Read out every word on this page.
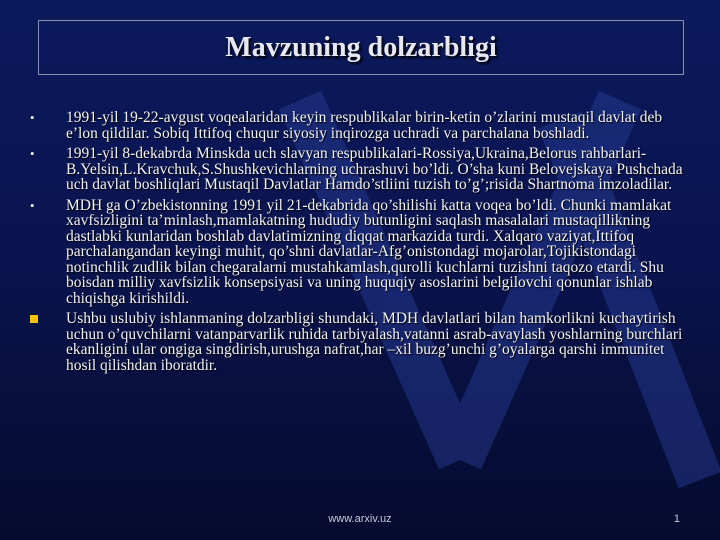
Mavzuning dolzarbligi
•	1991-yil 19-22-avgust voqealaridan keyin respublikalar birin-ketin o’zlarini mustaqil davlat deb e’lon qildilar. Sobiq Ittifoq chuqur siyosiy inqirozga uchradi va parchalana boshladi.
•	1991-yil 8-dekabrda Minskda uch slavyan respublikalari-Rossiya,Ukraina,Belorus rahbarlari-B.Yelsin,L.Kravchuk,S.Shushkevichlarning uchrashuvi bo’ldi. O’sha kuni Belovejskaya Pushchada uch davlat boshliqlari Mustaqil Davlatlar Hamdo’stliini tuzish to’g’;risida Shartnoma imzoladilar.
•	MDH ga O’zbekistonning 1991 yil 21-dekabrida qo’shilishi katta voqea bo’ldi. Chunki mamlakat xavfsizligini ta’minlash,mamlakatning hududiy butunligini saqlash masalalari mustaqillikning dastlabki kunlaridan boshlab davlatimizning diqqat markazida turdi. Xalqaro vaziyat,Ittifoq parchalangandan keyingi muhit, qo’shni davlatlar-Afg’onistondagi mojarolar,Tojikistondagi notinchlik zudlik bilan chegaralarni mustahkamlash,qurolli kuchlarni tuzishni taqozo etardi. Shu boisdan milliy xavfsizlik konsepsiyasi va uning huquqiy asoslarini belgilovchi qonunlar ishlab chiqishga kirishildi.
Ushbu uslubiy ishlanmaning dolzarbligi shundaki, MDH davlatlari bilan hamkorlikni kuchaytirish uchun o’quvchilarni vatanparvarlik ruhida tarbiyalash,vatanni asrab-avaylash yoshlarning burchlari ekanligini ular ongiga singdirish,urushga nafrat,har –xil buzg’unchi g’oyalarga qarshi immunitet hosil qilishdan iboratdir.
www.arxiv.uz	1
